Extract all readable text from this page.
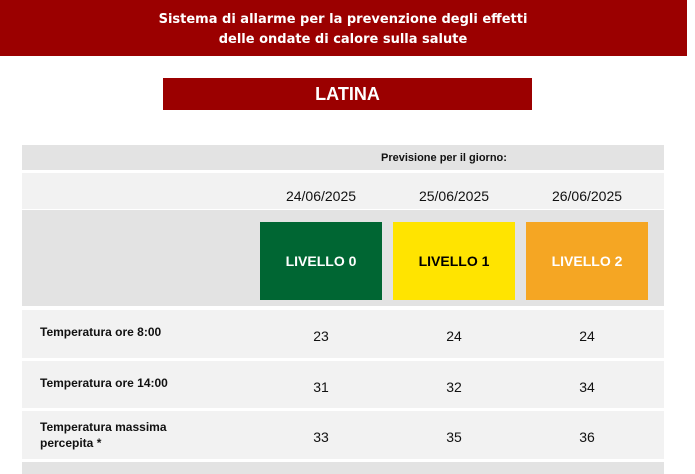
Sistema di allarme per la prevenzione degli effetti
delle ondate di calore sulla salute
LATINA
Previsione per il giorno:
24/06/2025	25/06/2025	26/06/2025
LIVELLO 0	LIVELLO 1	LIVELLO 2
Temperatura ore 8:00	23	24	24
Temperatura ore 14:00	31	32	34
Temperatura massima
percepita *	33	35	36
